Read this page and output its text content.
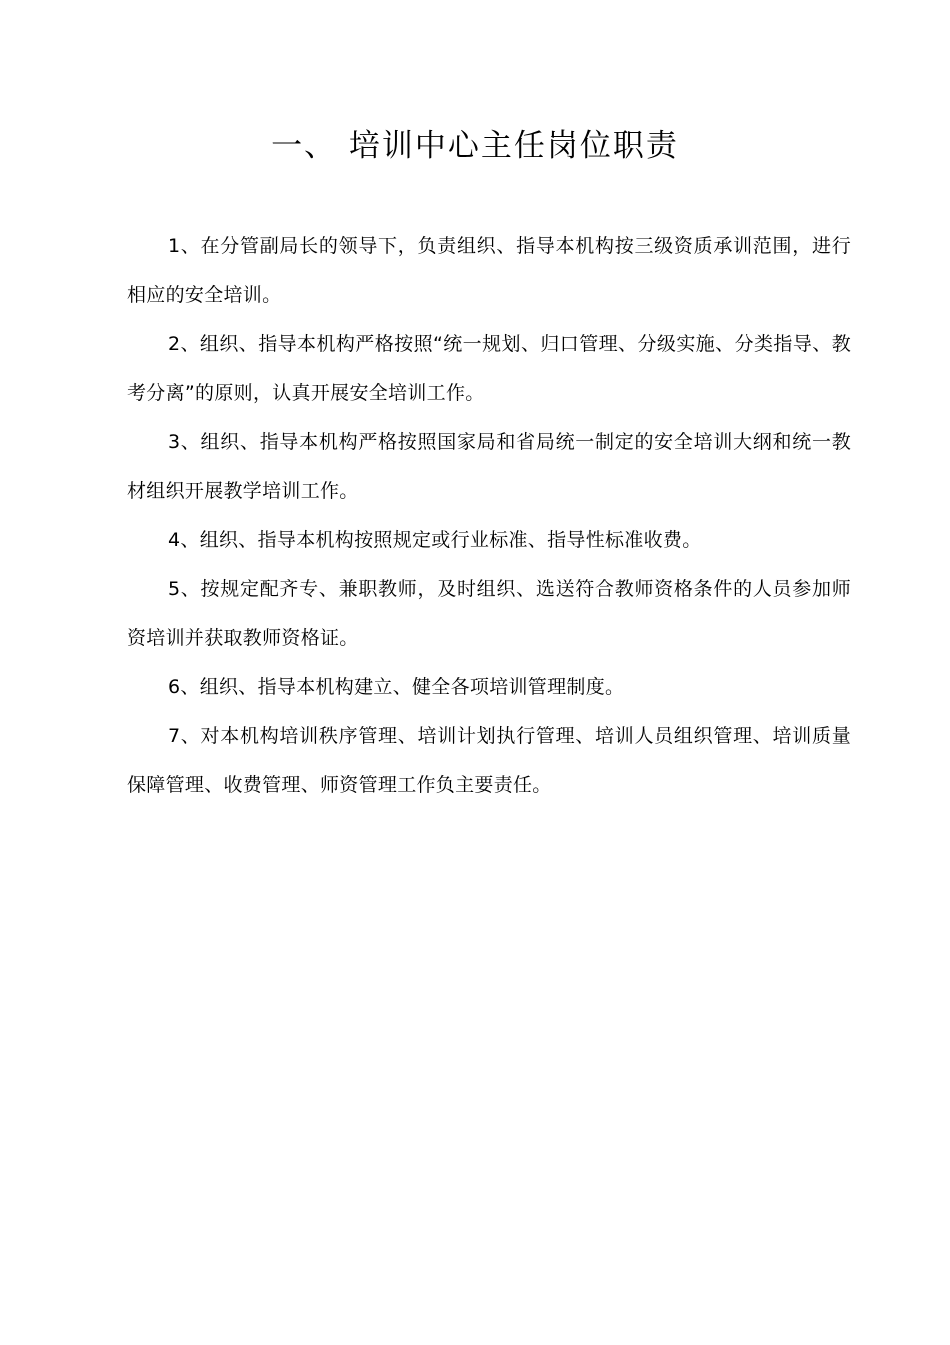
一、 培训中心主任岗位职责

1、在分管副局长的领导下，负责组织、指导本机构按三级资质承训范围，进行相应的安全培训。

2、组织、指导本机构严格按照“统一规划、归口管理、分级实施、分类指导、教考分离”的原则，认真开展安全培训工作。

3、组织、指导本机构严格按照国家局和省局统一制定的安全培训大纲和统一教材组织开展教学培训工作。

4、组织、指导本机构按照规定或行业标准、指导性标准收费。

5、按规定配齐专、兼职教师，及时组织、选送符合教师资格条件的人员参加师资培训并获取教师资格证。

6、组织、指导本机构建立、健全各项培训管理制度。

7、对本机构培训秩序管理、培训计划执行管理、培训人员组织管理、培训质量保障管理、收费管理、师资管理工作负主要责任。
